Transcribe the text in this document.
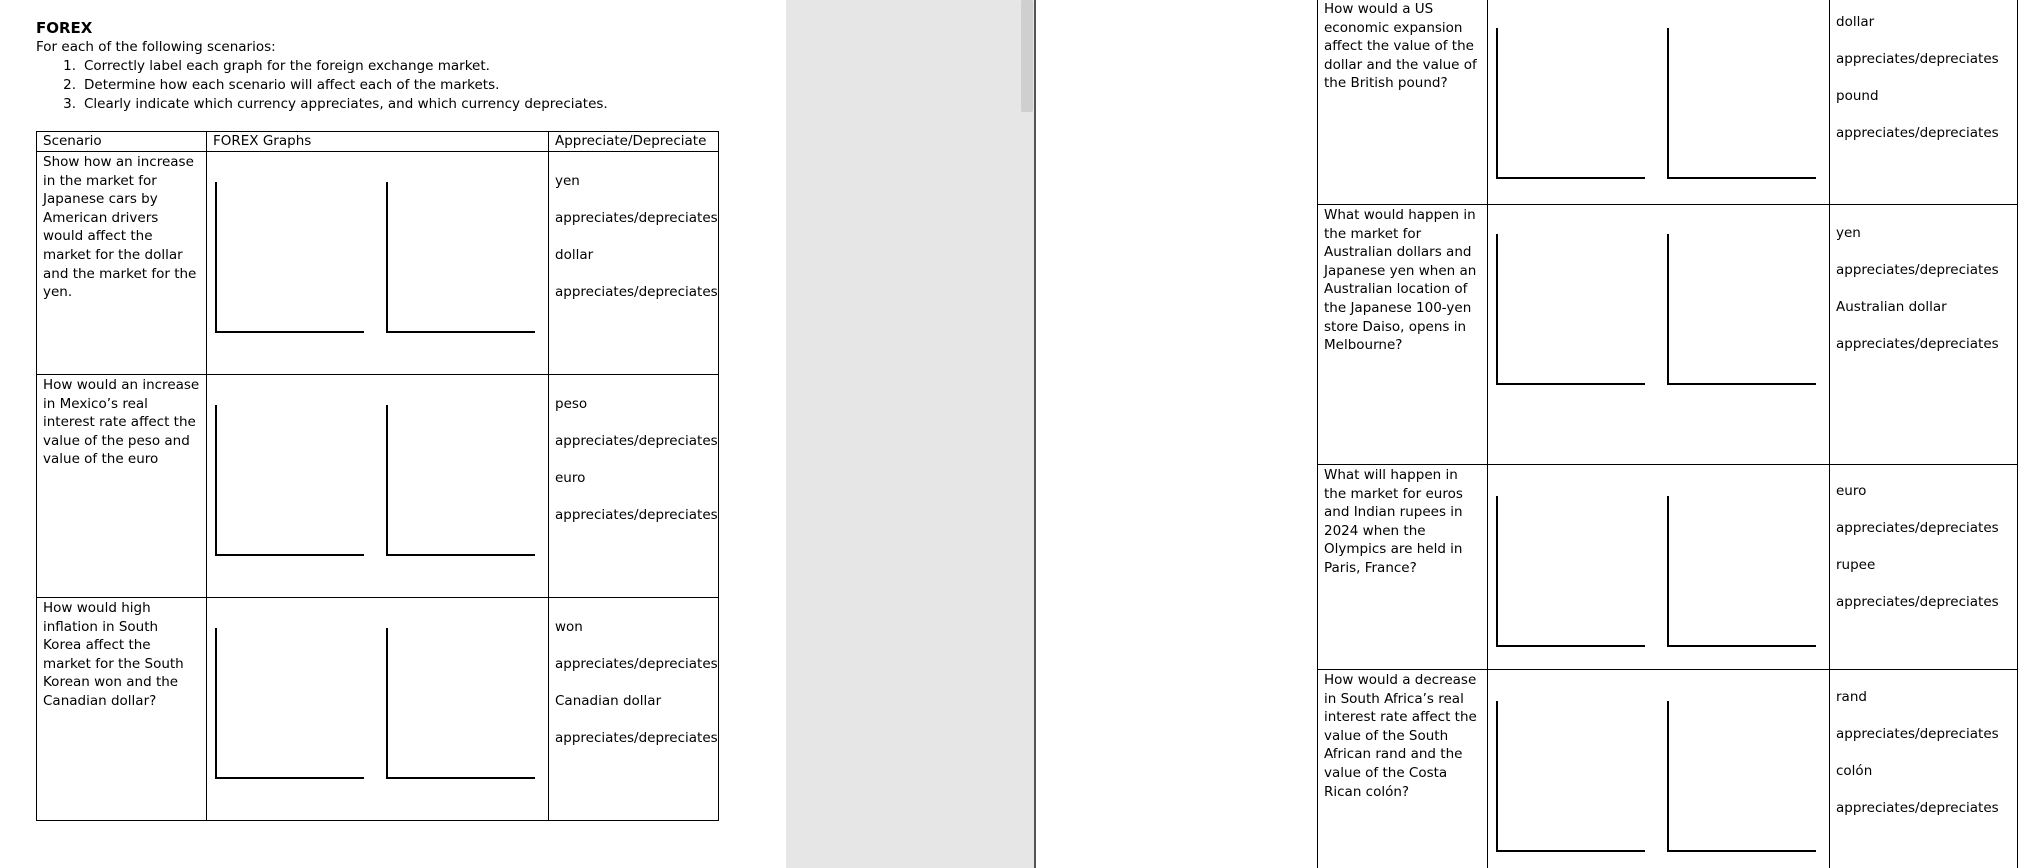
FOREX
For each of the following scenarios:
1. Correctly label each graph for the foreign exchange market.
2. Determine how each scenario will affect each of the markets.
3. Clearly indicate which currency appreciates, and which currency depreciates.
Scenario	FOREX Graphs	Appreciate/Depreciate
Show how an increase in the market for Japanese cars by American drivers would affect the market for the dollar and the market for the yen.		yen
appreciates/depreciates
dollar
appreciates/depreciates

How would an increase in Mexico’s real interest rate affect the value of the peso and value of the euro		peso
appreciates/depreciates
euro
appreciates/depreciates

How would high inflation in South Korea affect the market for the South Korean won and the Canadian dollar?		won
appreciates/depreciates
Canadian dollar
appreciates/depreciates
How would a US economic expansion affect the value of the dollar and the value of the British pound?		dollar
appreciates/depreciates
pound
appreciates/depreciates

What would happen in the market for Australian dollars and Japanese yen when an Australian location of the Japanese 100-yen store Daiso, opens in Melbourne?		yen
appreciates/depreciates
Australian dollar
appreciates/depreciates

What will happen in the market for euros and Indian rupees in 2024 when the Olympics are held in Paris, France?		euro
appreciates/depreciates
rupee
appreciates/depreciates

How would a decrease in South Africa’s real interest rate affect the value of the South African rand and the value of the Costa Rican colón?		rand
appreciates/depreciates
colón
appreciates/depreciates
